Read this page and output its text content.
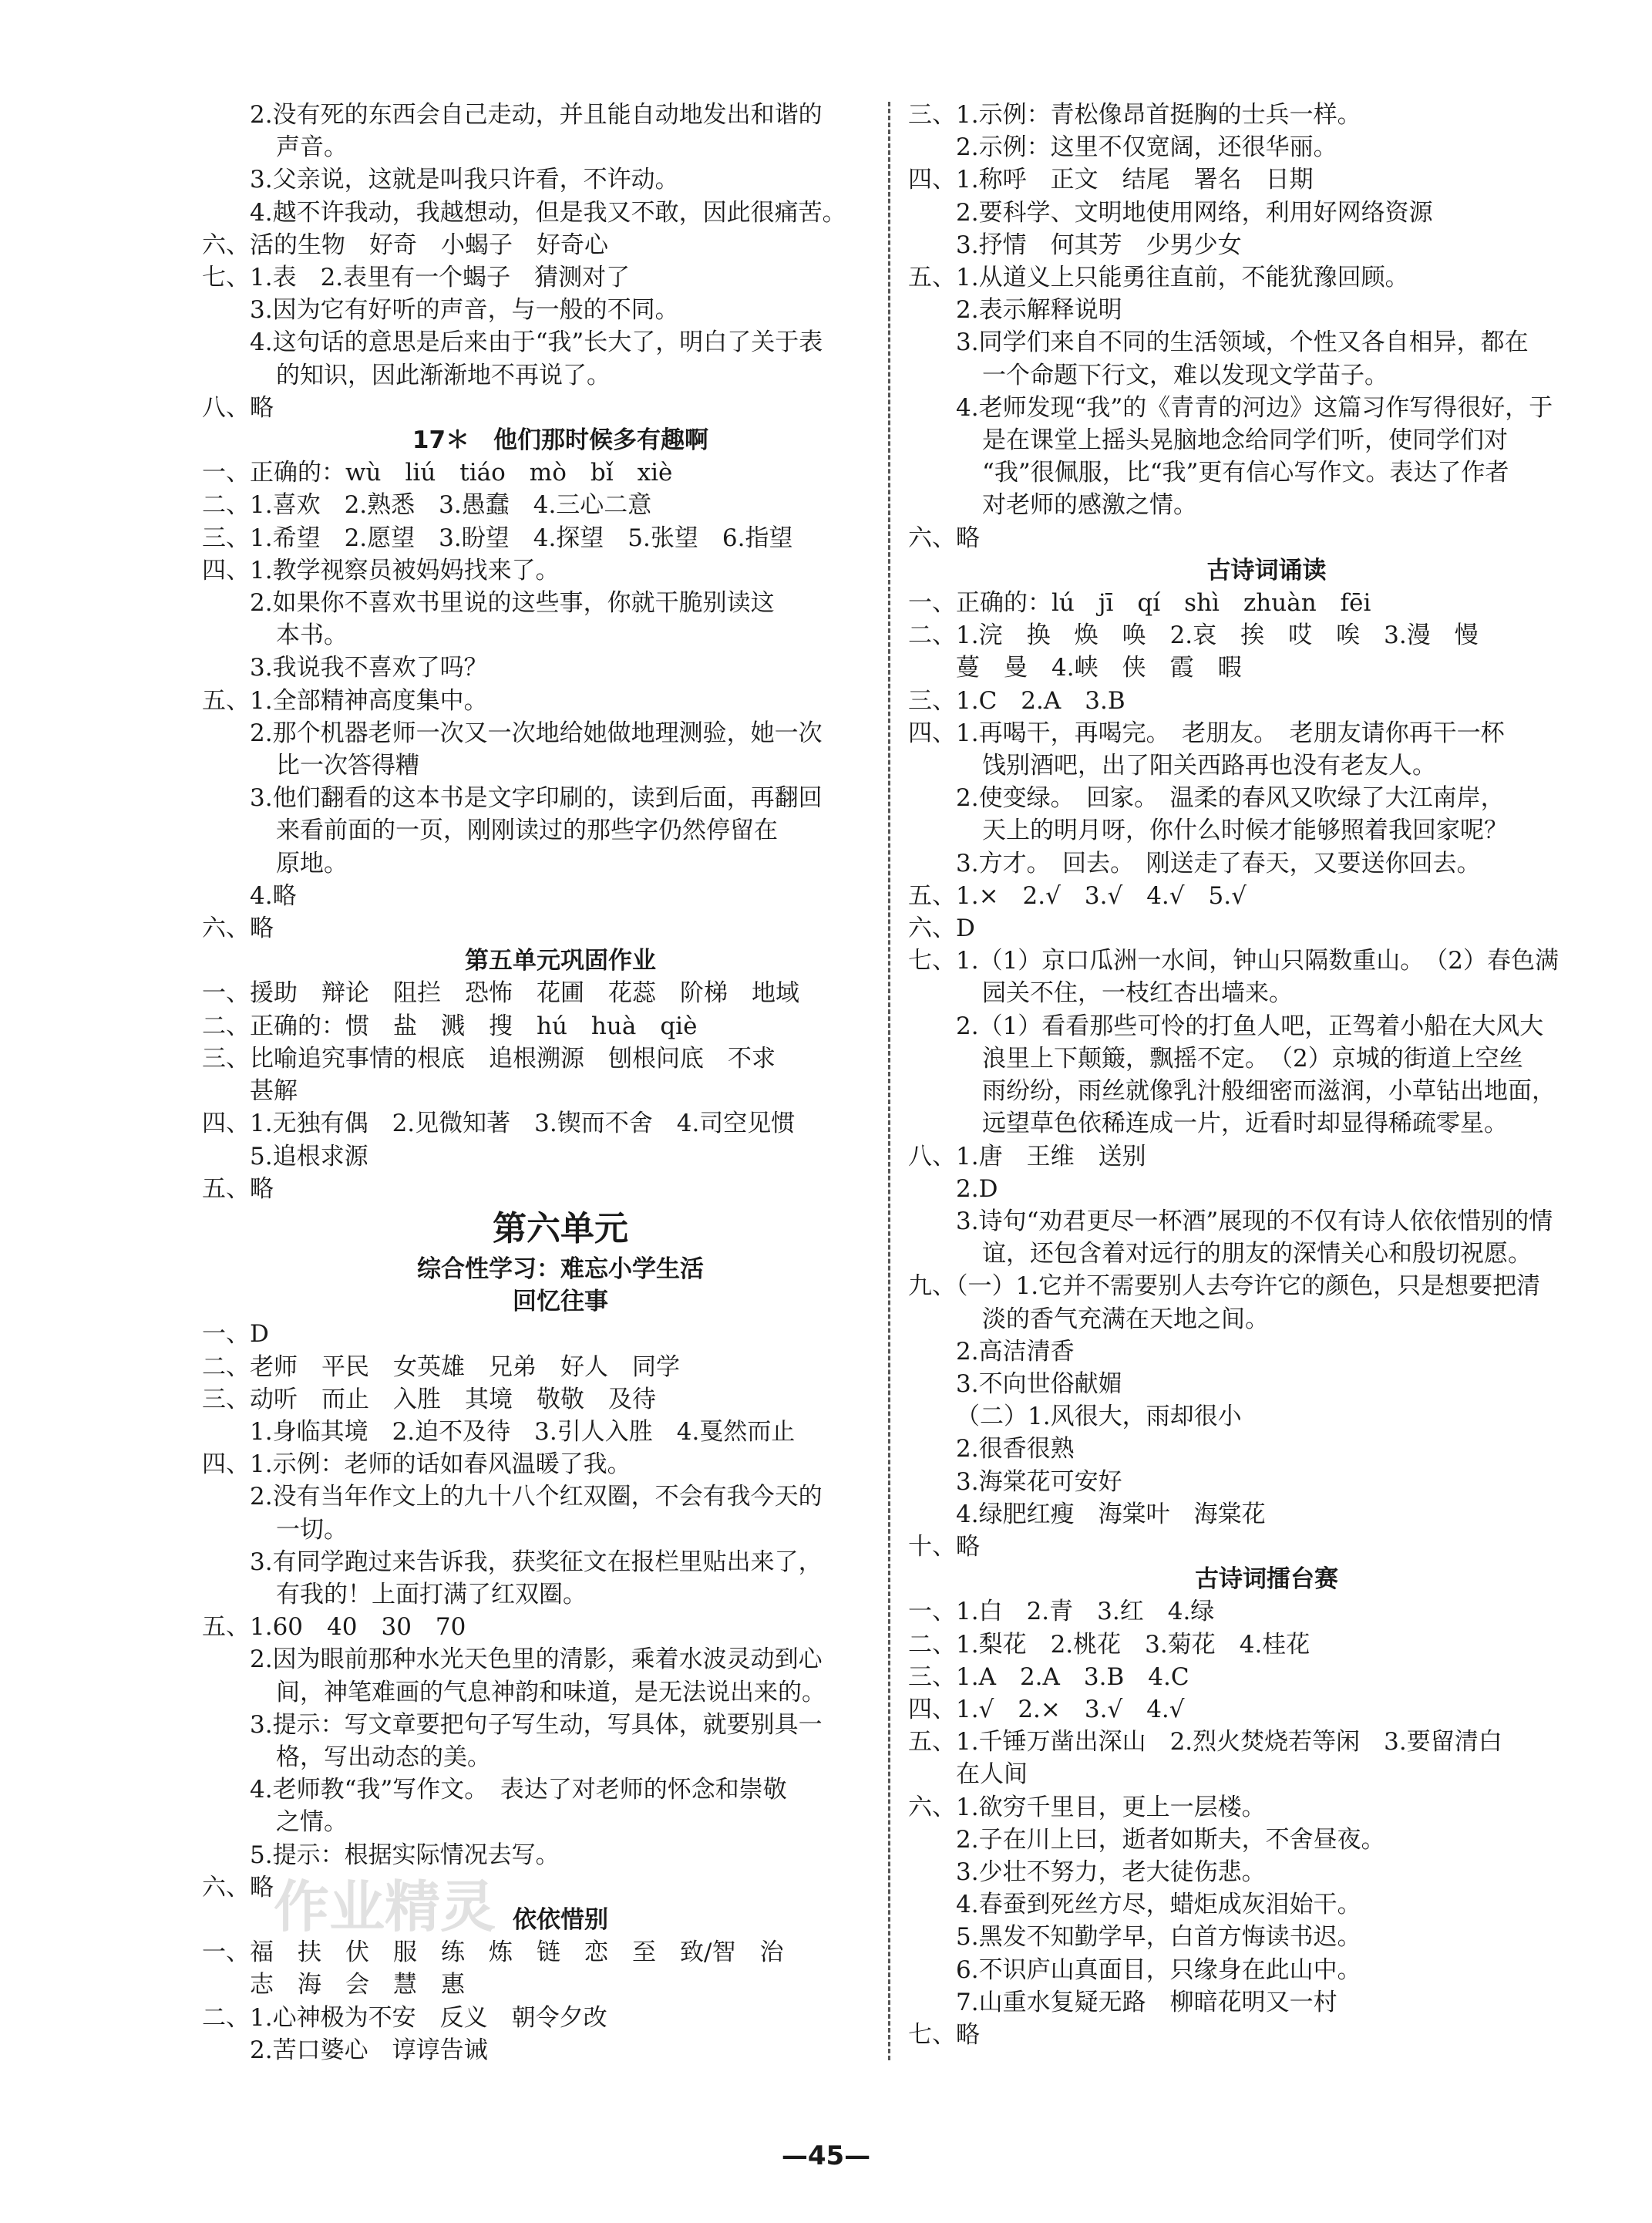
2.没有死的东西会自己走动，并且能自动地发出和谐的
声音。
3.父亲说，这就是叫我只许看，不许动。
4.越不许我动，我越想动，但是我又不敢，因此很痛苦。
六、活的生物　好奇　小蝎子　好奇心
七、1.表　2.表里有一个蝎子　猜测对了
3.因为它有好听的声音，与一般的不同。
4.这句话的意思是后来由于“我”长大了，明白了关于表
的知识，因此渐渐地不再说了。
八、略
17＊　他们那时候多有趣啊
一、正确的：wù　liú　tiáo　mò　bǐ　xiè
二、1.喜欢　2.熟悉　3.愚蠢　4.三心二意
三、1.希望　2.愿望　3.盼望　4.探望　5.张望　6.指望
四、1.教学视察员被妈妈找来了。
2.如果你不喜欢书里说的这些事，你就干脆别读这
本书。
3.我说我不喜欢了吗？
五、1.全部精神高度集中。
2.那个机器老师一次又一次地给她做地理测验，她一次
比一次答得糟
3.他们翻看的这本书是文字印刷的，读到后面，再翻回
来看前面的一页，刚刚读过的那些字仍然停留在
原地。
4.略
六、略
第五单元巩固作业
一、援助　辩论　阻拦　恐怖　花圃　花蕊　阶梯　地域
二、正确的：惯　盐　溅　搜　hú　huà　qiè
三、比喻追究事情的根底　追根溯源　刨根问底　不求
甚解
四、1.无独有偶　2.见微知著　3.锲而不舍　4.司空见惯
5.追根求源
五、略
第六单元
综合性学习：难忘小学生活
回忆往事
一、D
二、老师　平民　女英雄　兄弟　好人　同学
三、动听　而止　入胜　其境　敬敬　及待
1.身临其境　2.迫不及待　3.引人入胜　4.戛然而止
四、1.示例：老师的话如春风温暖了我。
2.没有当年作文上的九十八个红双圈，不会有我今天的
一切。
3.有同学跑过来告诉我，获奖征文在报栏里贴出来了，
有我的！上面打满了红双圈。
五、1.60　40　30　70
2.因为眼前那种水光天色里的清影，乘着水波灵动到心
间，神笔难画的气息神韵和味道，是无法说出来的。
3.提示：写文章要把句子写生动，写具体，就要别具一
格，写出动态的美。
4.老师教“我”写作文。　表达了对老师的怀念和崇敬
之情。
5.提示：根据实际情况去写。
六、略
依依惜别
一、福　扶　伏　服　练　炼　链　恋　至　致/智　治
志　海　会　慧　惠
二、1.心神极为不安　反义　朝令夕改
2.苦口婆心　谆谆告诫
三、1.示例：青松像昂首挺胸的士兵一样。
2.示例：这里不仅宽阔，还很华丽。
四、1.称呼　正文　结尾　署名　日期
2.要科学、文明地使用网络，利用好网络资源
3.抒情　何其芳　少男少女
五、1.从道义上只能勇往直前，不能犹豫回顾。
2.表示解释说明
3.同学们来自不同的生活领域，个性又各自相异，都在
一个命题下行文，难以发现文学苗子。
4.老师发现“我”的《青青的河边》这篇习作写得很好，于
是在课堂上摇头晃脑地念给同学们听，使同学们对
“我”很佩服，比“我”更有信心写作文。表达了作者
对老师的感激之情。
六、略
古诗词诵读
一、正确的：lú　jī　qí　shì　zhuàn　fēi
二、1.浣　换　焕　唤　2.哀　挨　哎　唉　3.漫　慢
蔓　曼　4.峡　侠　霞　暇
三、1.C　2.A　3.B
四、1.再喝干，再喝完。　老朋友。　老朋友请你再干一杯
饯别酒吧，出了阳关西路再也没有老友人。
2.使变绿。　回家。　温柔的春风又吹绿了大江南岸，
天上的明月呀，你什么时候才能够照着我回家呢？
3.方才。　回去。　刚送走了春天，又要送你回去。
五、1.×　2.√　3.√　4.√　5.√
六、D
七、1.（1）京口瓜洲一水间，钟山只隔数重山。　（2）春色满
园关不住，一枝红杏出墙来。
2.（1）看看那些可怜的打鱼人吧，正驾着小船在大风大
浪里上下颠簸，飘摇不定。　（2）京城的街道上空丝
雨纷纷，雨丝就像乳汁般细密而滋润，小草钻出地面，
远望草色依稀连成一片，近看时却显得稀疏零星。
八、1.唐　王维　送别
2.D
3.诗句“劝君更尽一杯酒”展现的不仅有诗人依依惜别的情
谊，还包含着对远行的朋友的深情关心和殷切祝愿。
九、（一）1.它并不需要别人去夸许它的颜色，只是想要把清
淡的香气充满在天地之间。
2.高洁清香
3.不向世俗献媚
（二）1.风很大，雨却很小
2.很香很熟
3.海棠花可安好
4.绿肥红瘦　海棠叶　海棠花
十、略
古诗词擂台赛
一、1.白　2.青　3.红　4.绿
二、1.梨花　2.桃花　3.菊花　4.桂花
三、1.A　2.A　3.B　4.C
四、1.√　2.×　3.√　4.√
五、1.千锤万凿出深山　2.烈火焚烧若等闲　3.要留清白
在人间
六、1.欲穷千里目，更上一层楼。
2.子在川上曰，逝者如斯夫，不舍昼夜。
3.少壮不努力，老大徒伤悲。
4.春蚕到死丝方尽，蜡炬成灰泪始干。
5.黑发不知勤学早，白首方悔读书迟。
6.不识庐山真面目，只缘身在此山中。
7.山重水复疑无路　柳暗花明又一村
七、略
作业精灵
—45—
